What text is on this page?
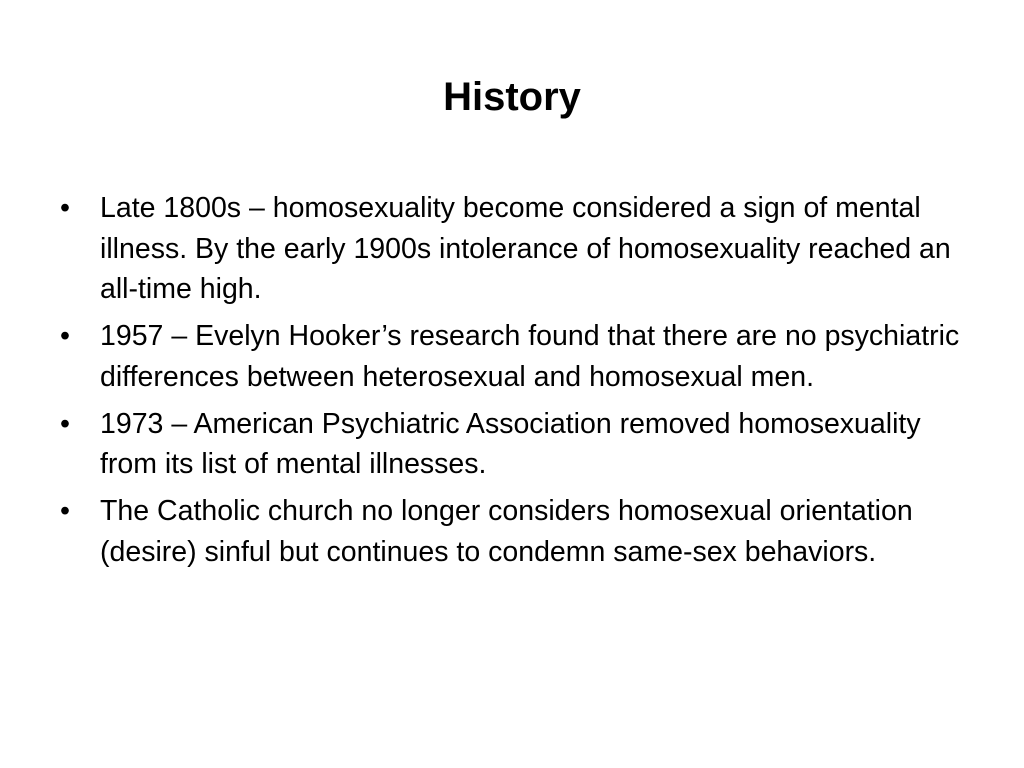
History
•	Late 1800s – homosexuality become considered a sign of mental illness. By the early 1900s intolerance of homosexuality reached an all-time high.
•	1957 – Evelyn Hooker’s research found that there are no psychiatric differences between heterosexual and homosexual men.
•	1973 – American Psychiatric Association removed homosexuality from its list of mental illnesses.
•	The Catholic church no longer considers homosexual orientation (desire) sinful but continues to condemn same-sex behaviors.
